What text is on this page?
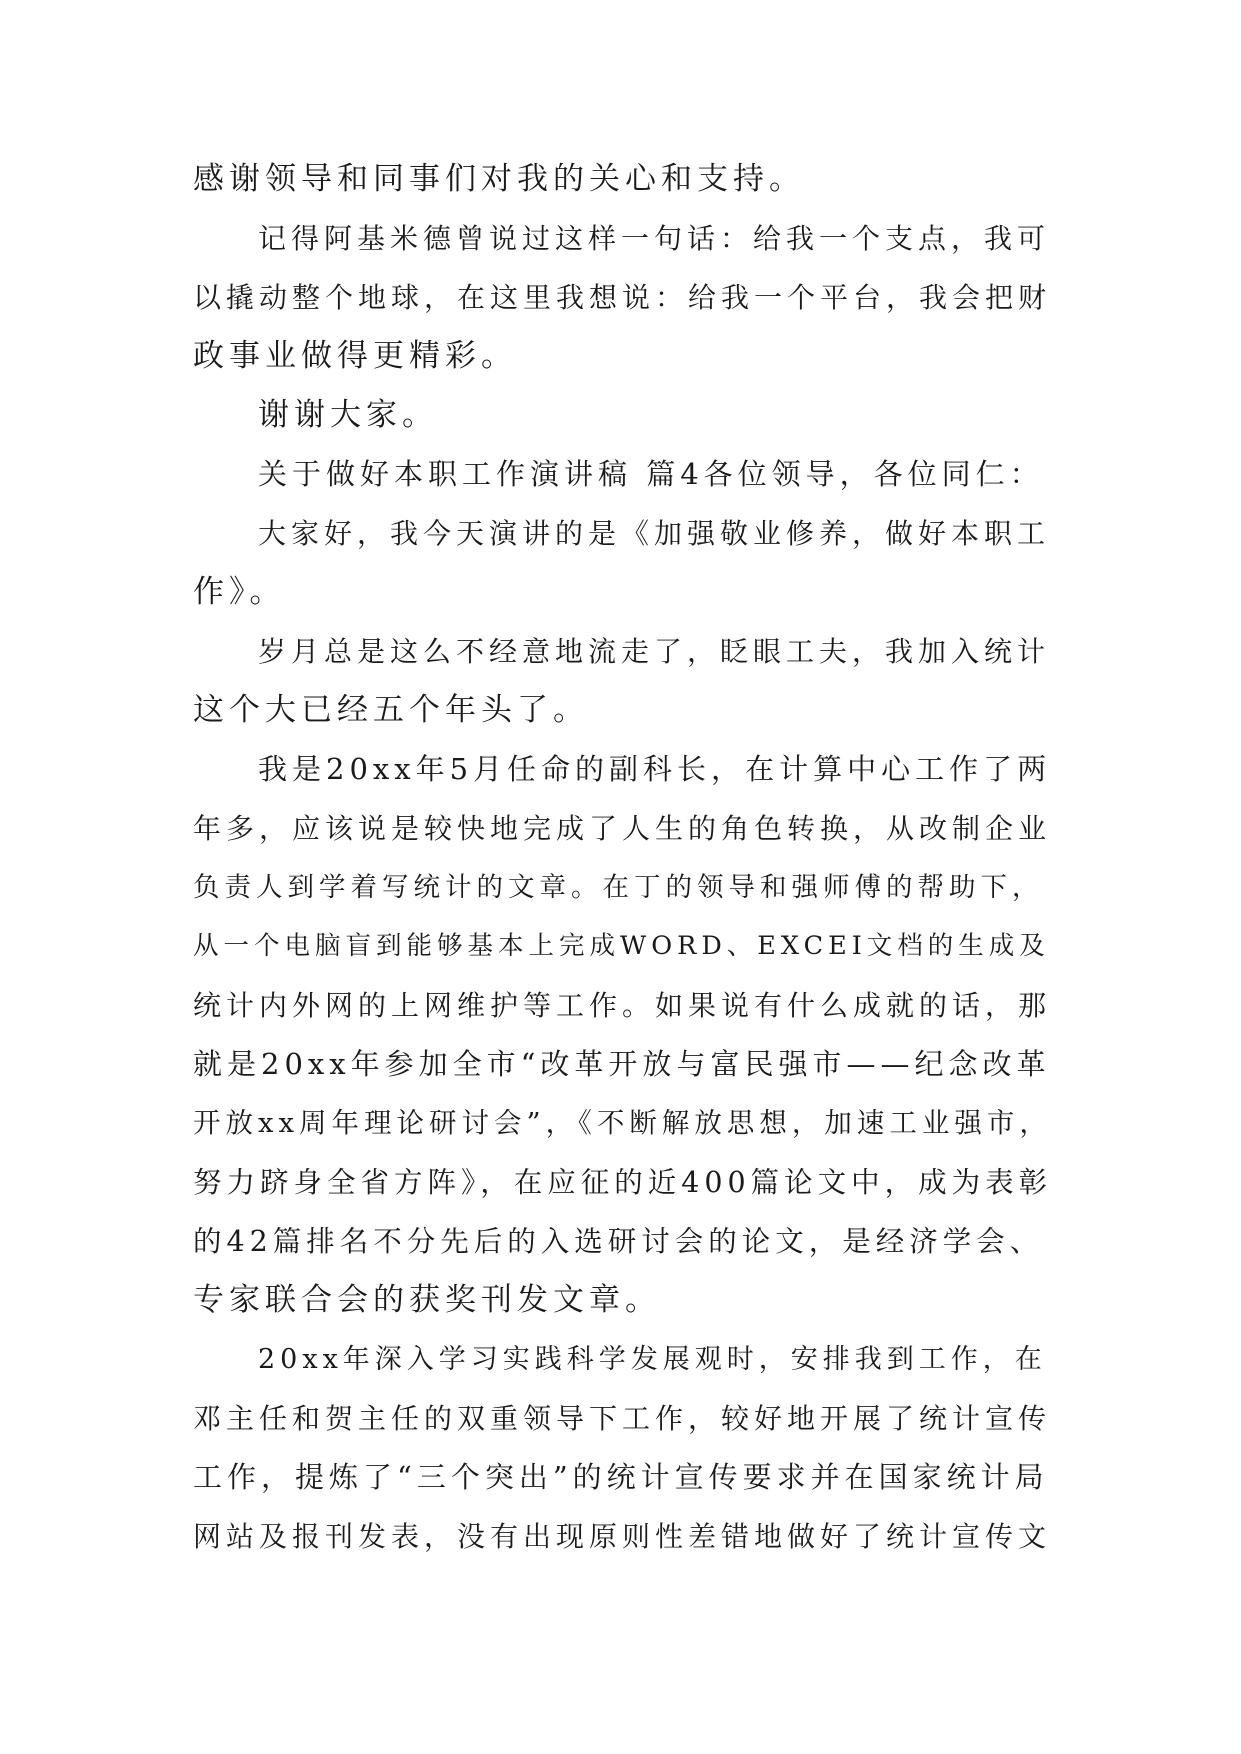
感谢领导和同事们对我的关心和支持。
记得阿基米德曾说过这样一句话：给我一个支点，我可
以撬动整个地球，在这里我想说：给我一个平台，我会把财
政事业做得更精彩。
谢谢大家。
关于做好本职工作演讲稿 篇4各位领导，各位同仁：
大家好，我今天演讲的是《加强敬业修养，做好本职工
作》。
岁月总是这么不经意地流走了，眨眼工夫，我加入统计
这个大已经五个年头了。
我是20xx年5月任命的副科长，在计算中心工作了两
年多，应该说是较快地完成了人生的角色转换，从改制企业
负责人到学着写统计的文章。在丁的领导和强师傅的帮助下，
从一个电脑盲到能够基本上完成WORD、EXCEI文档的生成及
统计内外网的上网维护等工作。如果说有什么成就的话，那
就是20xx年参加全市“改革开放与富民强市——纪念改革
开放xx周年理论研讨会”，《不断解放思想，加速工业强市，
努力跻身全省方阵》，在应征的近400篇论文中，成为表彰
的42篇排名不分先后的入选研讨会的论文，是经济学会、
专家联合会的获奖刊发文章。
20xx年深入学习实践科学发展观时，安排我到工作，在
邓主任和贺主任的双重领导下工作，较好地开展了统计宣传
工作，提炼了“三个突出”的统计宣传要求并在国家统计局
网站及报刊发表，没有出现原则性差错地做好了统计宣传文
